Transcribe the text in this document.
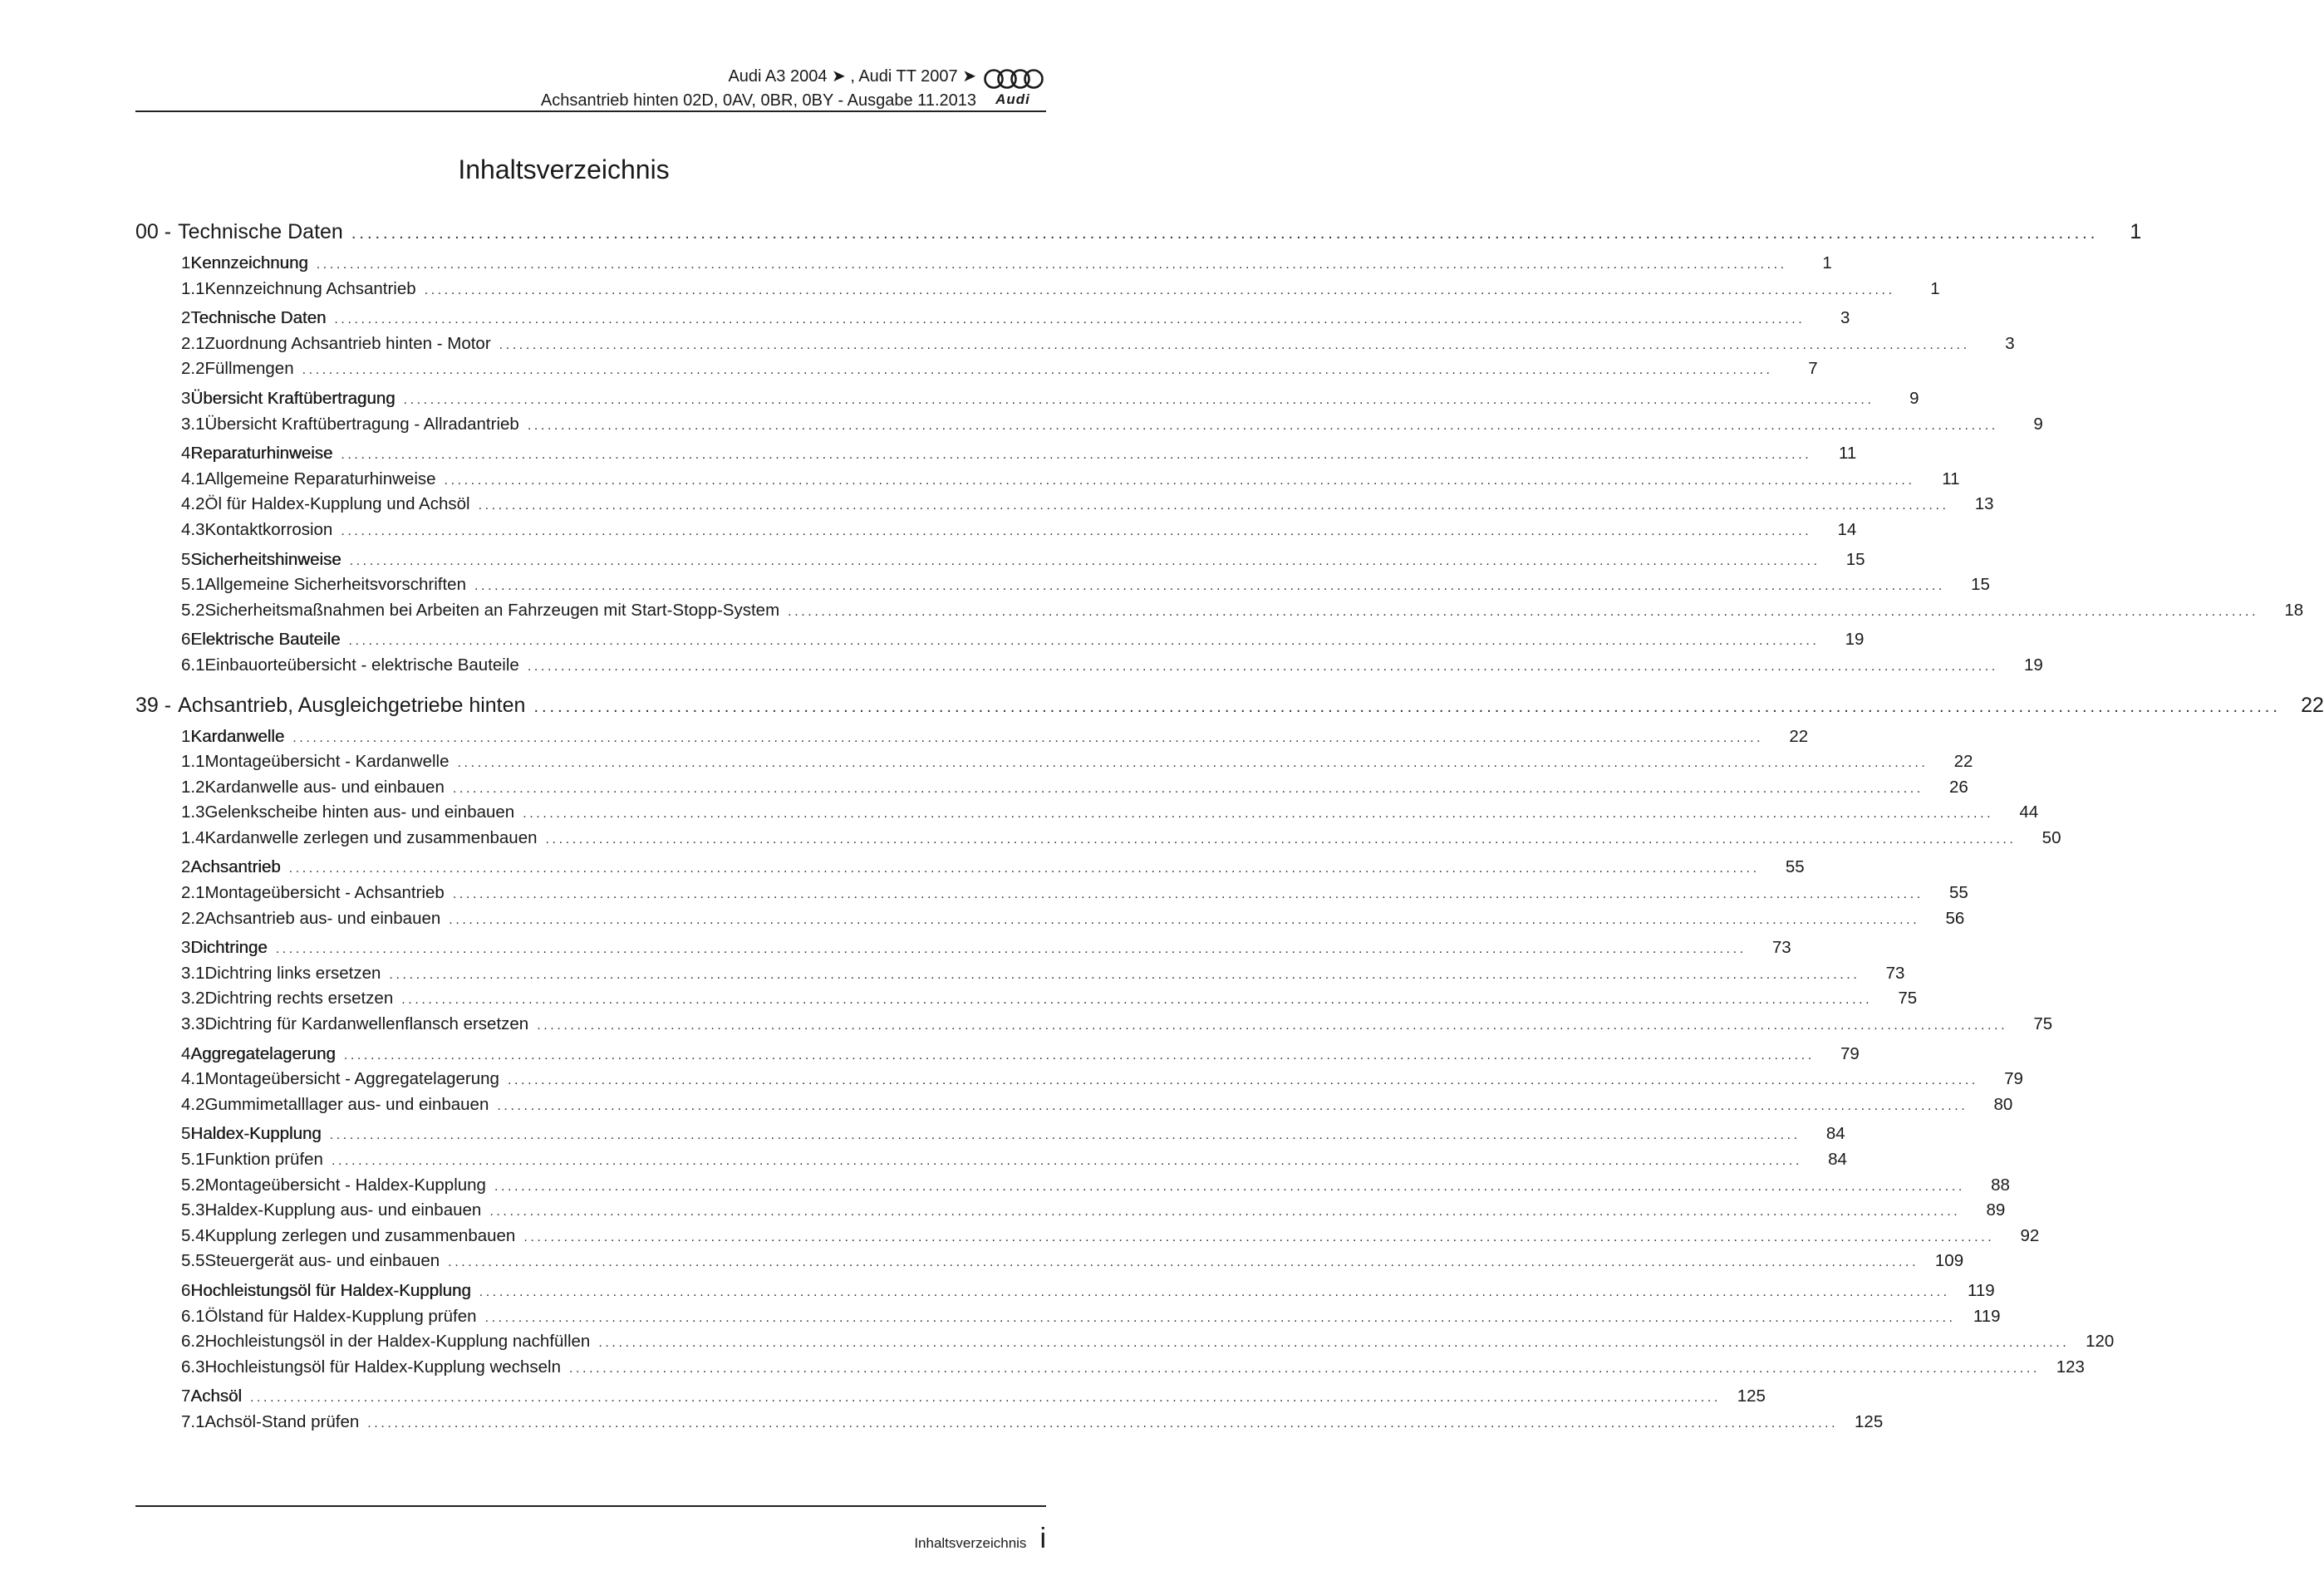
Audi A3 2004 ➤ , Audi TT 2007 ➤
Achsantrieb hinten 02D, 0AV, 0BR, 0BY - Ausgabe 11.2013	Audi
Inhaltsverzeichnis
00 - Technische Daten ............................................................................................................................................................................................................................	1
1 Kennzeichnung ............................................................................................................................................................................................................................	1
1.1 Kennzeichnung Achsantrieb ............................................................................................................................................................................................................................	1
2 Technische Daten ............................................................................................................................................................................................................................	3
2.1 Zuordnung Achsantrieb hinten - Motor ............................................................................................................................................................................................................................	3
2.2 Füllmengen ............................................................................................................................................................................................................................	7
3 Übersicht Kraftübertragung ............................................................................................................................................................................................................................	9
3.1 Übersicht Kraftübertragung - Allradantrieb ............................................................................................................................................................................................................................	9
4 Reparaturhinweise ............................................................................................................................................................................................................................	11
4.1 Allgemeine Reparaturhinweise ............................................................................................................................................................................................................................	11
4.2 Öl für Haldex-Kupplung und Achsöl ............................................................................................................................................................................................................................	13
4.3 Kontaktkorrosion ............................................................................................................................................................................................................................	14
5 Sicherheitshinweise ............................................................................................................................................................................................................................	15
5.1 Allgemeine Sicherheitsvorschriften ............................................................................................................................................................................................................................	15
5.2 Sicherheitsmaßnahmen bei Arbeiten an Fahrzeugen mit Start-Stopp-System ............................................................................................................................................................................................................................	18
6 Elektrische Bauteile ............................................................................................................................................................................................................................	19
6.1 Einbauorteübersicht - elektrische Bauteile ............................................................................................................................................................................................................................	19
39 - Achsantrieb, Ausgleichgetriebe hinten ............................................................................................................................................................................................................................ 22
1 Kardanwelle ............................................................................................................................................................................................................................	22
1.1 Montageübersicht - Kardanwelle ............................................................................................................................................................................................................................	22
1.2 Kardanwelle aus- und einbauen ............................................................................................................................................................................................................................	26
1.3 Gelenkscheibe hinten aus- und einbauen ............................................................................................................................................................................................................................	44
1.4 Kardanwelle zerlegen und zusammenbauen ............................................................................................................................................................................................................................	50
2 Achsantrieb ............................................................................................................................................................................................................................	55
2.1 Montageübersicht - Achsantrieb ............................................................................................................................................................................................................................	55
2.2 Achsantrieb aus- und einbauen ............................................................................................................................................................................................................................	56
3 Dichtringe ............................................................................................................................................................................................................................	73
3.1 Dichtring links ersetzen ............................................................................................................................................................................................................................	73
3.2 Dichtring rechts ersetzen ............................................................................................................................................................................................................................	75
3.3 Dichtring für Kardanwellenflansch ersetzen ............................................................................................................................................................................................................................	75
4 Aggregatelagerung ............................................................................................................................................................................................................................	79
4.1 Montageübersicht - Aggregatelagerung ............................................................................................................................................................................................................................	79
4.2 Gummimetalllager aus- und einbauen ............................................................................................................................................................................................................................	80
5 Haldex-Kupplung ............................................................................................................................................................................................................................	84
5.1 Funktion prüfen ............................................................................................................................................................................................................................	84
5.2 Montageübersicht - Haldex-Kupplung ............................................................................................................................................................................................................................	88
5.3 Haldex-Kupplung aus- und einbauen ............................................................................................................................................................................................................................	89
5.4 Kupplung zerlegen und zusammenbauen ............................................................................................................................................................................................................................	92
5.5 Steuergerät aus- und einbauen ............................................................................................................................................................................................................................ 109
6 Hochleistungsöl für Haldex-Kupplung ............................................................................................................................................................................................................................	119
6.1 Ölstand für Haldex-Kupplung prüfen ............................................................................................................................................................................................................................	119
6.2 Hochleistungsöl in der Haldex-Kupplung nachfüllen ............................................................................................................................................................................................................................ 120
6.3 Hochleistungsöl für Haldex-Kupplung wechseln ............................................................................................................................................................................................................................ 123
7 Achsöl ............................................................................................................................................................................................................................ 125
7.1 Achsöl-Stand prüfen ............................................................................................................................................................................................................................ 125
Inhaltsverzeichnis i
